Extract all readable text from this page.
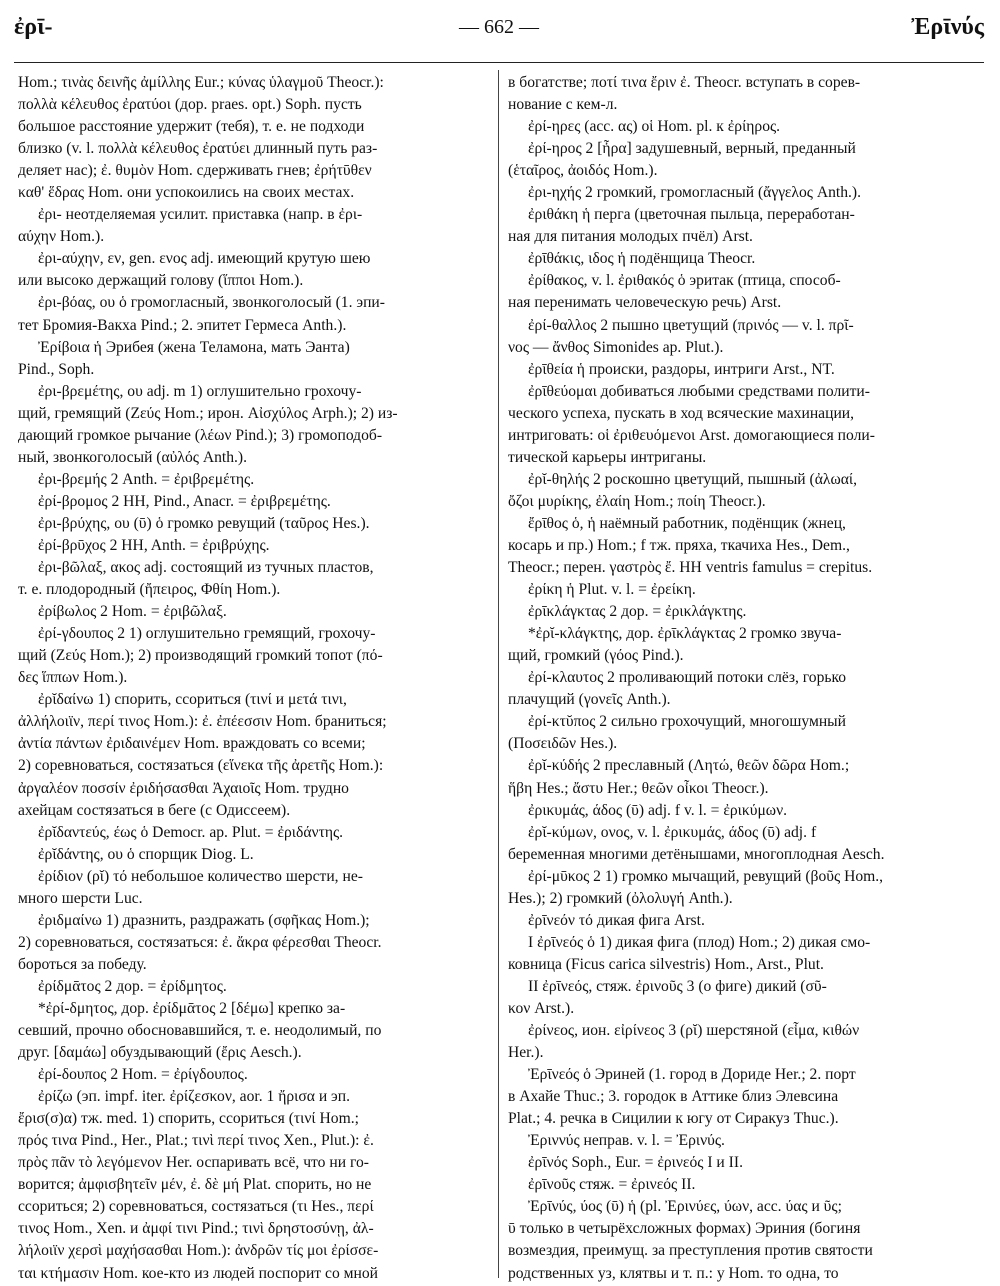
ἐρῑ-	— 662 —	Ἐρῑνύς
Hom.; τινὰς δεινῆς ἀμίλλης Eur.; κύνας ὑλαγμοῦ Theocr.):
πολλὰ κέλευθος ἐρατύοι (дор. praes. opt.) Soph. пусть
большое расстояние удержит (тебя), т. е. не подходи
близко (v. l. πολλὰ κέλευθος ἐρατύει длинный путь раз-
деляет нас); ἐ. θυμὸν Hom. сдерживать гнев; ἐρήτῡθεν
καθ' ἕδρας Hom. они успокоились на своих местах.
ἐρι- неотделяемая усилит. приставка (напр. в ἐρι-
αύχην Hom.).
ἐρι-αύχην, εν, gen. ενος adj. имеющий крутую шею
или высоко держащий голову (ἵπποι Hom.).
ἐρι-βόας, ου ὁ громогласный, звонкоголосый (1. эпи-
тет Бромия-Вакха Pind.; 2. эпитет Гермеса Anth.).
Ἐρίβοια ἡ Эрибея (жена Теламона, мать Эанта)
Pind., Soph.
ἐρι-βρεμέτης, ου adj. m 1) оглушительно грохочу-
щий, гремящий (Ζεύς Hom.; ирон. Αἰσχύλος Arph.); 2) из-
дающий громкое рычание (λέων Pind.); 3) громоподоб-
ный, звонкоголосый (αὐλός Anth.).
ἐρι-βρεμής 2 Anth. = ἐριβρεμέτης.
ἐρί-βρομος 2 HH, Pind., Anacr. = ἐριβρεμέτης.
ἐρι-βρύχης, ου (ῡ) ὁ громко ревущий (ταῦρος Hes.).
ἐρί-βρῡχος 2 HH, Anth. = ἐριβρύχης.
ἐρι-βῶλαξ, ακος adj. состоящий из тучных пластов,
т. е. плодородный (ἤπειρος, Φθίη Hom.).
ἐρίβωλος 2 Hom. = ἐριβῶλαξ.
ἐρί-γδουπος 2 1) оглушительно гремящий, грохочу-
щий (Ζεύς Hom.); 2) производящий громкий топот (πό-
δες ἵππων Hom.).
ἐρῐδαίνω 1) спорить, ссориться (τινί и μετά τινι,
ἀλλήλοιϊν, περί τινος Hom.): ἐ. ἐπέεσσιν Hom. браниться;
ἀντία πάντων ἐριδαινέμεν Hom. враждовать со всеми;
2) соревноваться, состязаться (εἵνεκα τῆς ἀρετῆς Hom.):
ἀργαλέον ποσσίν ἐριδήσασθαι Ἀχαιοῖς Hom. трудно
ахейцам состязаться в беге (с Одиссеем).
ἐρῐδαντεύς, έως ὁ Democr. ap. Plut. = ἐριδάντης.
ἐρῐδάντης, ου ὁ спорщик Diog. L.
ἐρίδιον (ρῐ) τό небольшое количество шерсти, не-
много шерсти Luc.
ἐριδμαίνω 1) дразнить, раздражать (σφῆκας Hom.);
2) соревноваться, состязаться: ἐ. ἄκρα φέρεσθαι Theocr.
бороться за победу.
ἐρίδμᾱτος 2 дор. = ἐρίδμητος.
*ἐρί-δμητος, дор. ἐρίδμᾱτος 2 [δέμω] крепко за-
севший, прочно обосновавшийся, т. е. неодолимый, по
друг. [δαμάω] обуздывающий (ἔρις Aesch.).
ἐρί-δουπος 2 Hom. = ἐρίγδουπος.
ἐρίζω (эп. impf. iter. ἐρίζεσκον, aor. 1 ἤρισα и эп.
ἔρισ(σ)α) тж. med. 1) спорить, ссориться (τινί Hom.;
πρός τινα Pind., Her., Plat.; τινὶ περί τινος Xen., Plut.): ἐ.
πρὸς πᾶν τὸ λεγόμενον Her. оспаривать всё, что ни го-
ворится; ἀμφισβητεῖν μέν, ἐ. δὲ μή Plat. спорить, но не
ссориться; 2) соревноваться, состязаться (τι Hes., περί
τινος Hom., Xen. и ἀμφί τινι Pind.; τινὶ δρηστοσύνῃ, ἀλ-
λήλοιϊν χερσὶ μαχήσασθαι Hom.): ἀνδρῶν τίς μοι ἐρίσσε-
ται κτήμασιν Hom. кое-кто из людей поспорит со мной
в богатстве; ποτί τινα ἔριν ἐ. Theocr. вступать в сорев-
нование с кем-л.
ἐρί-ηρες (acc. ας) οἱ Hom. pl. к ἐρίηρος.
ἐρί-ηρος 2 [ἦρα] задушевный, верный, преданный
(ἑταῖρος, ἀοιδός Hom.).
ἐρι-ηχής 2 громкий, громогласный (ἄγγελος Anth.).
ἐριθάκη ἡ перга (цветочная пыльца, переработан-
ная для питания молодых пчёл) Arst.
ἐρῑθάκις, ιδος ἡ подёнщица Theocr.
ἐρίθακος, v. l. ἐριθακός ὁ эритак (птица, способ-
ная перенимать человеческую речь) Arst.
ἐρί-θαλλος 2 пышно цветущий (πρινός — v. l. πρῖ-
νος — ἄνθος Simonides ap. Plut.).
ἐρῑθεία ἡ происки, раздоры, интриги Arst., NT.
ἐρῑθεύομαι добиваться любыми средствами полити-
ческого успеха, пускать в ход всяческие махинации,
интриговать: οἱ ἐριθευόμενοι Arst. домогающиеся поли-
тической карьеры интриганы.
ἐρῐ-θηλής 2 роскошно цветущий, пышный (ἀλωαί,
ὄζοι μυρίκης, ἐλαίη Hom.; ποίη Theocr.).
ἔρῑθος ὁ, ἡ наёмный работник, подёнщик (жнец,
косарь и пр.) Hom.; f тж. пряха, ткачиха Hes., Dem.,
Theocr.; перен. γαστρὸς ἔ. HH ventris famulus = crepitus.
ἐρίκη ἡ Plut. v. l. = ἐρείκη.
ἐρῑκλάγκτας 2 дор. = ἐρικλάγκτης.
*ἐρῐ-κλάγκτης, дор. ἐρῑκλάγκτας 2 громко звуча-
щий, громкий (γόος Pind.).
ἐρί-κλαυτος 2 проливающий потоки слёз, горько
плачущий (γονεῖς Anth.).
ἐρί-κτῠπος 2 сильно грохочущий, многошумный
(Ποσειδῶν Hes.).
ἐρῐ-κύδής 2 преславный (Λητώ, θεῶν δῶρα Hom.;
ἥβη Hes.; ἄστυ Her.; θεῶν οἶκοι Theocr.).
ἐρικυμάς, άδος (ῡ) adj. f v. l. = ἐρικύμων.
ἐρῐ-κύμων, ονος, v. l. ἐρικυμάς, άδος (ῡ) adj. f
беременная многими детёнышами, многоплодная Aesch.
ἐρί-μῡκος 2 1) громко мычащий, ревущий (βοῦς Hom.,
Hes.); 2) громкий (ὀλολυγή Anth.).
ἐρῑνεόν τό дикая фига Arst.
I ἐρῑνεός ὁ 1) дикая фига (плод) Hom.; 2) дикая смо-
ковница (Ficus carica silvestris) Hom., Arst., Plut.
II ἐρῑνεός, стяж. ἐρινοῦς 3 (о фиге) дикий (σῦ-
κον Arst.).
ἐρίνεος, ион. εἰρίνεος 3 (ρῐ) шерстяной (εἷμα, κιθών
Her.).
Ἐρῑνεός ὁ Эриней (1. город в Дориде Her.; 2. порт
в Ахайе Thuc.; 3. городок в Аттике близ Элевсина
Plat.; 4. речка в Сицилии к югу от Сиракуз Thuc.).
Ἐριννύς неправ. v. l. = Ἐρινύς.
ἐρῑνός Soph., Eur. = ἐρινεός I и II.
ἐρῑνοῦς стяж. = ἐρινεός II.
Ἐρῑνύς, ύος (ῡ) ἡ (pl. Ἐρινύες, ύων, acc. ύας и ῦς;
ῡ только в четырёхсложных формах) Эриния (богиня
возмездия, преимущ. за преступления против святости
родственных уз, клятвы и т. п.: у Hom. то одна, то
